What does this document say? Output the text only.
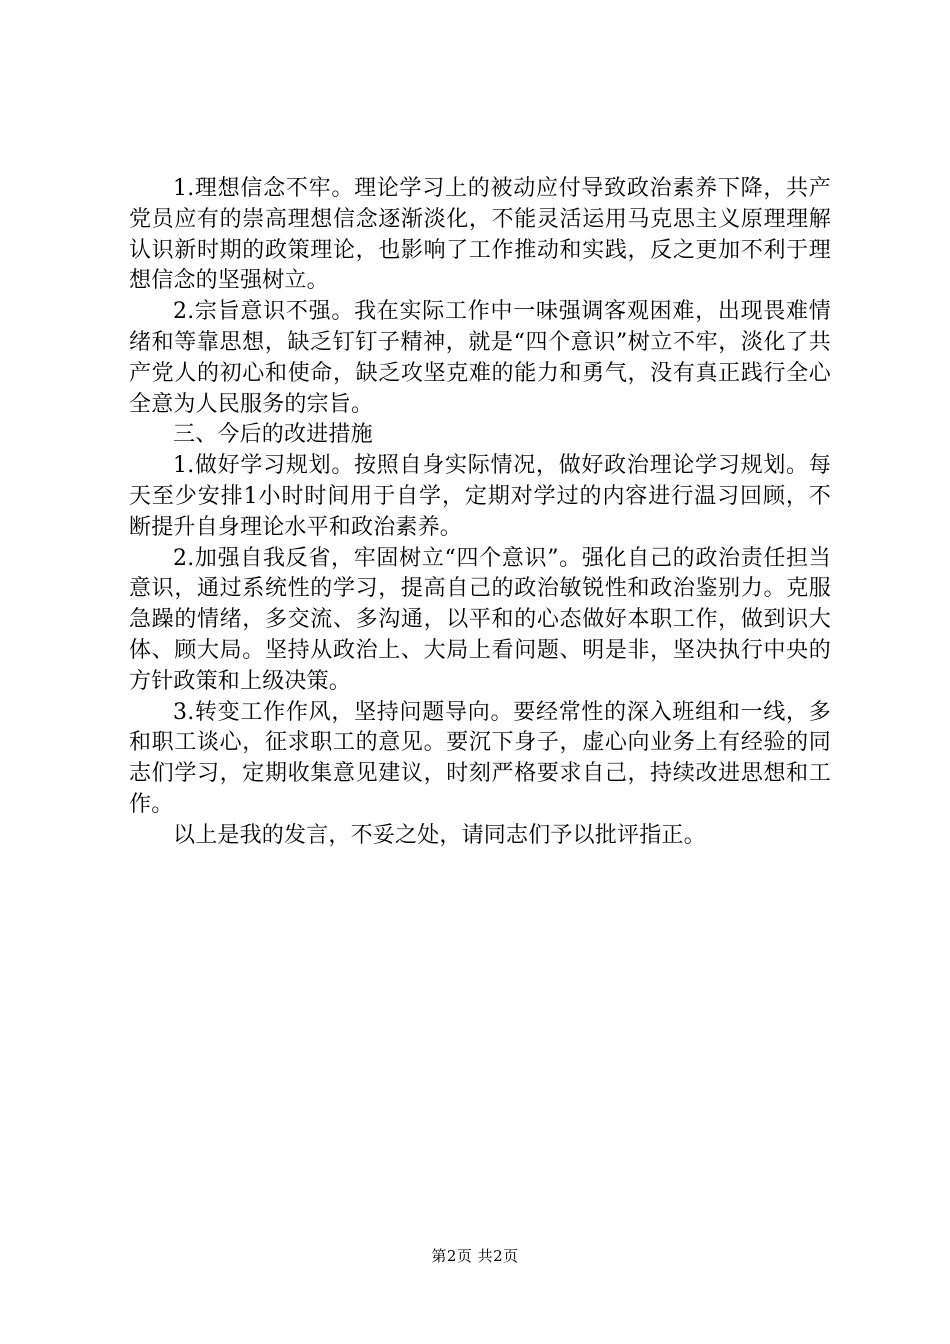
1.理想信念不牢。理论学习上的被动应付导致政治素养下降，共产党员应有的崇高理想信念逐渐淡化，不能灵活运用马克思主义原理理解认识新时期的政策理论，也影响了工作推动和实践，反之更加不利于理想信念的坚强树立。

2.宗旨意识不强。我在实际工作中一味强调客观困难，出现畏难情绪和等靠思想，缺乏钉钉子精神，就是“四个意识”树立不牢，淡化了共产党人的初心和使命，缺乏攻坚克难的能力和勇气，没有真正践行全心全意为人民服务的宗旨。

三、今后的改进措施

1.做好学习规划。按照自身实际情况，做好政治理论学习规划。每天至少安排1小时时间用于自学，定期对学过的内容进行温习回顾，不断提升自身理论水平和政治素养。

2.加强自我反省，牢固树立“四个意识”。强化自己的政治责任担当意识，通过系统性的学习，提高自己的政治敏锐性和政治鉴别力。克服急躁的情绪，多交流、多沟通，以平和的心态做好本职工作，做到识大体、顾大局。坚持从政治上、大局上看问题、明是非，坚决执行中央的方针政策和上级决策。

3.转变工作作风，坚持问题导向。要经常性的深入班组和一线，多和职工谈心，征求职工的意见。要沉下身子，虚心向业务上有经验的同志们学习，定期收集意见建议，时刻严格要求自己，持续改进思想和工作。

以上是我的发言，不妥之处，请同志们予以批评指正。

第2页 共2页
